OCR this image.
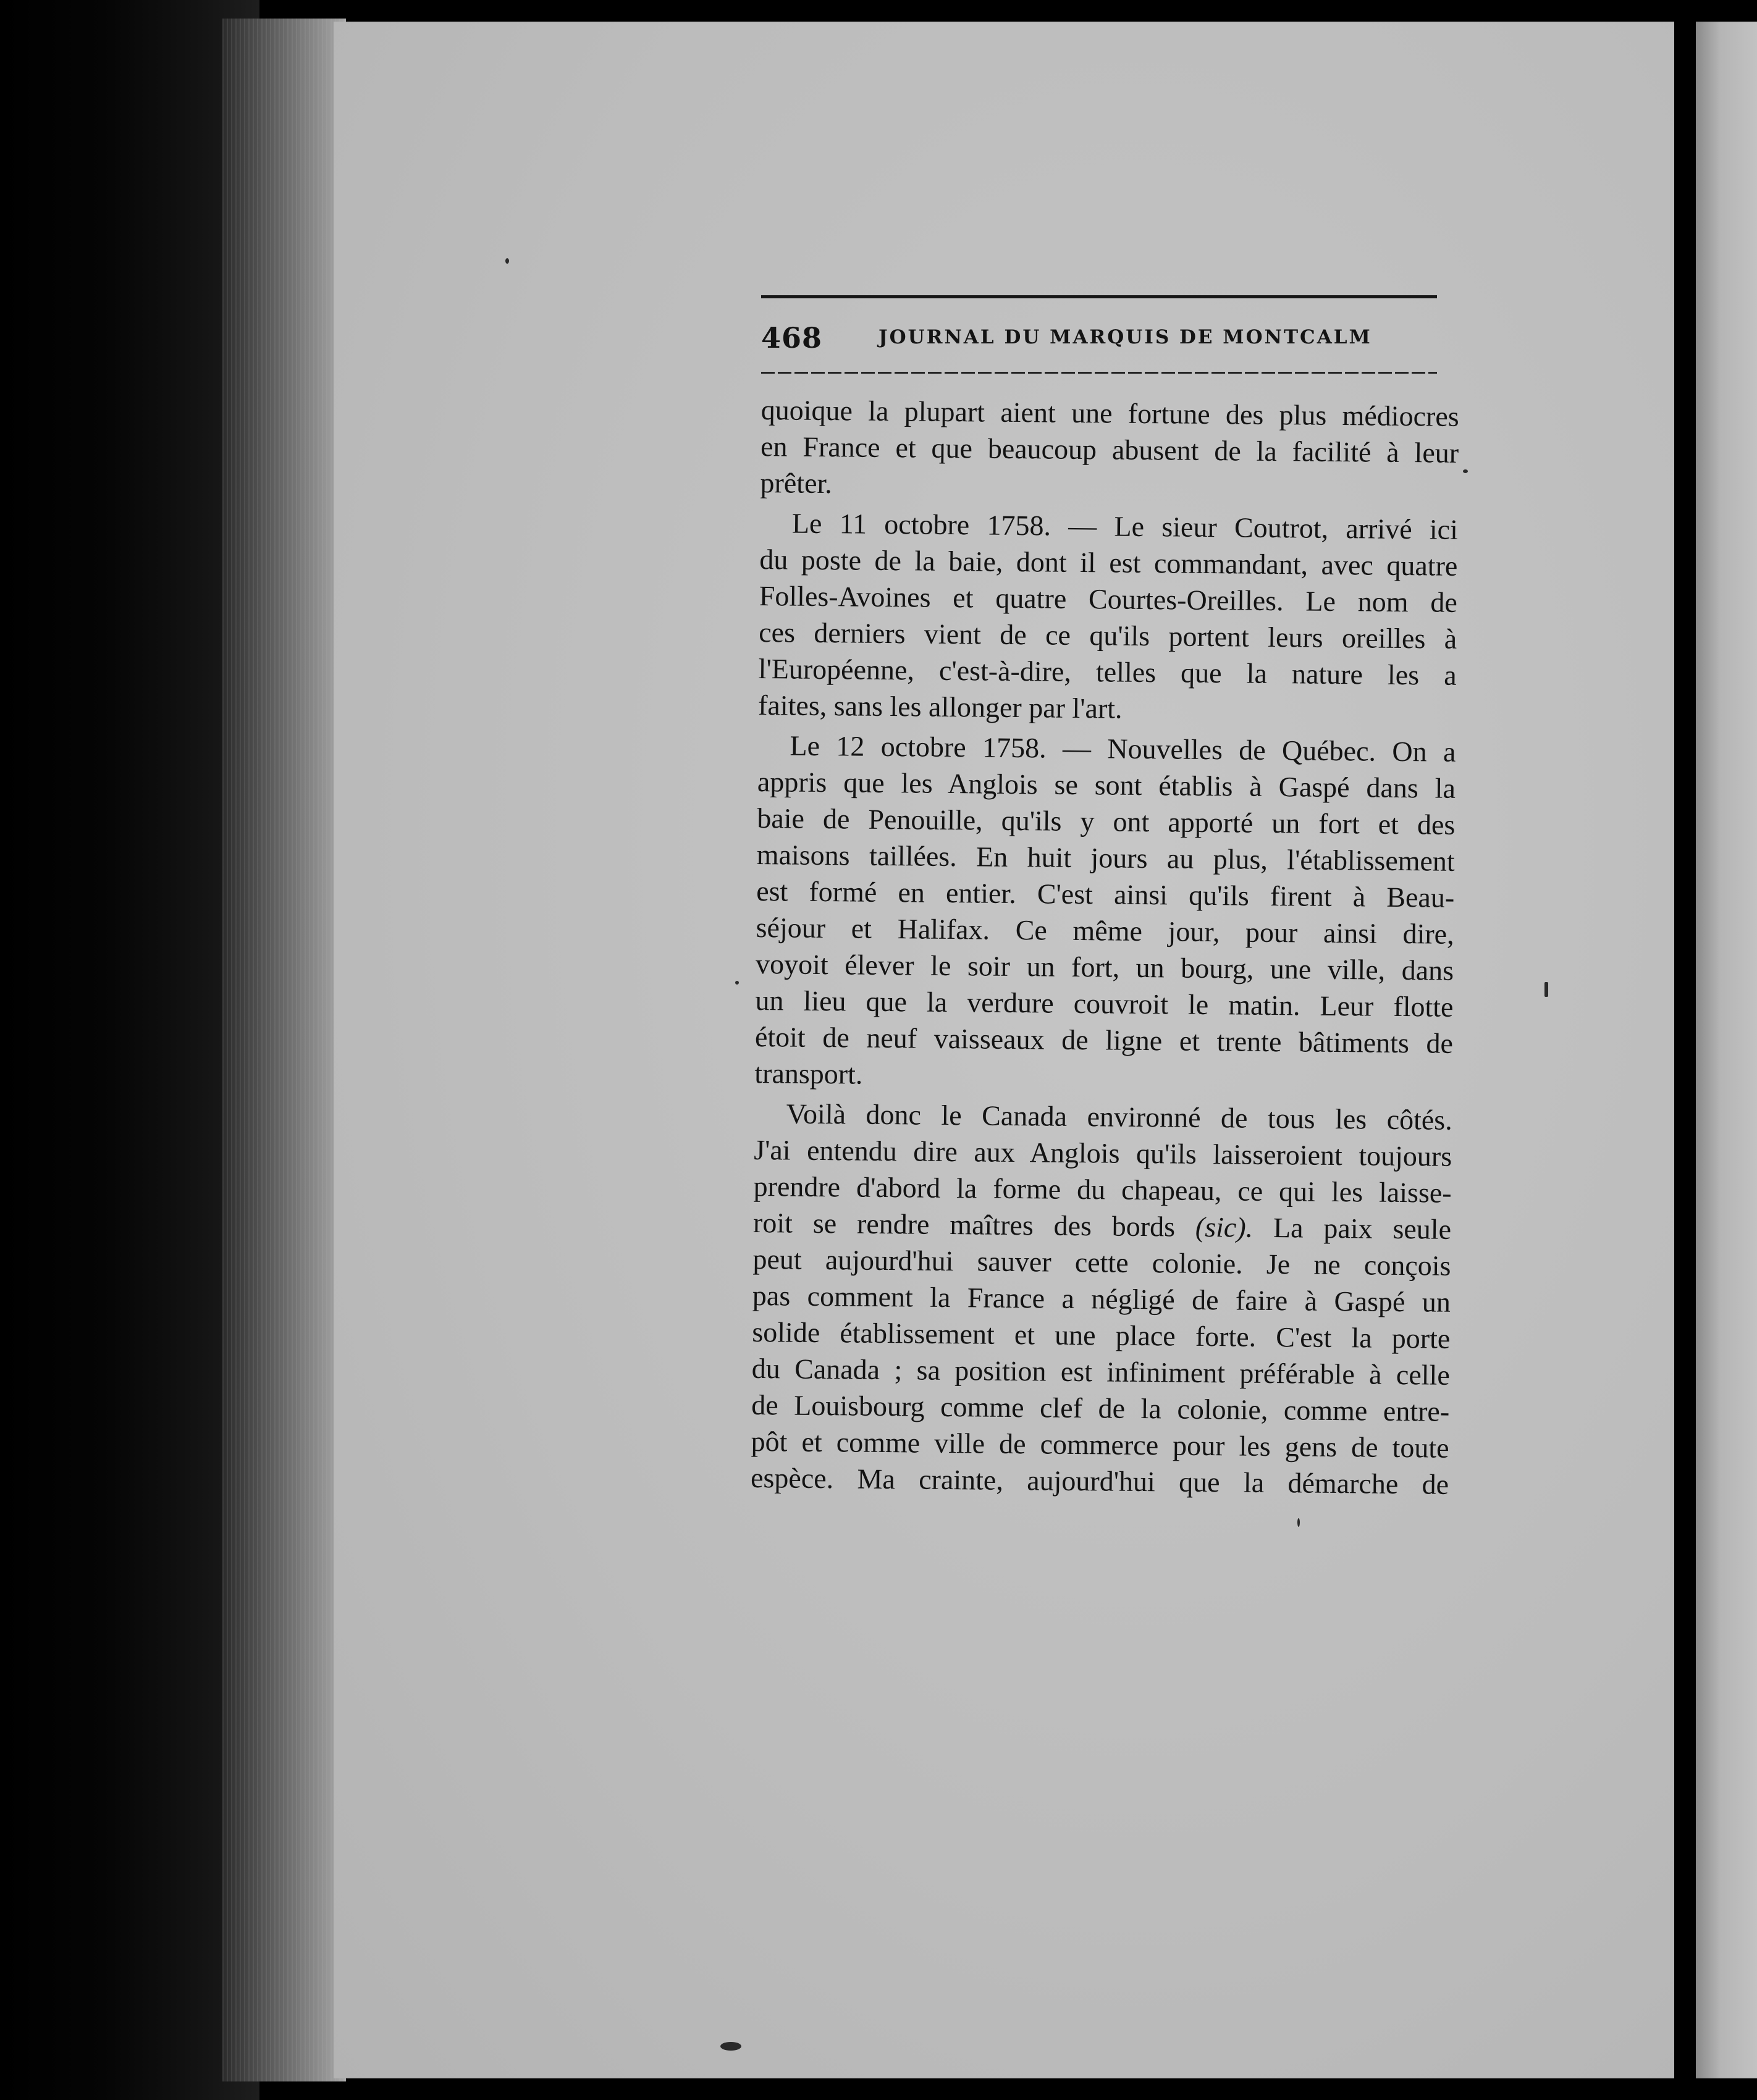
468	JOURNAL DU MARQUIS DE MONTCALM

quoique la plupart aient une fortune des plus médiocres
en France et que beaucoup abusent de la facilité à leur
prêter.

Le 11 octobre 1758. — Le sieur Coutrot, arrivé ici
du poste de la baie, dont il est commandant, avec quatre
Folles-Avoines et quatre Courtes-Oreilles. Le nom de
ces derniers vient de ce qu'ils portent leurs oreilles à
l'Européenne, c'est-à-dire, telles que la nature les a
faites, sans les allonger par l'art.

Le 12 octobre 1758. — Nouvelles de Québec. On a
appris que les Anglois se sont établis à Gaspé dans la
baie de Penouille, qu'ils y ont apporté un fort et des
maisons taillées. En huit jours au plus, l'établissement
est formé en entier. C'est ainsi qu'ils firent à Beau-
séjour et Halifax. Ce même jour, pour ainsi dire,
voyoit élever le soir un fort, un bourg, une ville, dans
un lieu que la verdure couvroit le matin. Leur flotte
étoit de neuf vaisseaux de ligne et trente bâtiments de
transport.

Voilà donc le Canada environné de tous les côtés.
J'ai entendu dire aux Anglois qu'ils laisseroient toujours
prendre d'abord la forme du chapeau, ce qui les laisse-
roit se rendre maîtres des bords (sic). La paix seule
peut aujourd'hui sauver cette colonie. Je ne conçois
pas comment la France a négligé de faire à Gaspé un
solide établissement et une place forte. C'est la porte
du Canada ; sa position est infiniment préférable à celle
de Louisbourg comme clef de la colonie, comme entre-
pôt et comme ville de commerce pour les gens de toute
espèce. Ma crainte, aujourd'hui que la démarche de
